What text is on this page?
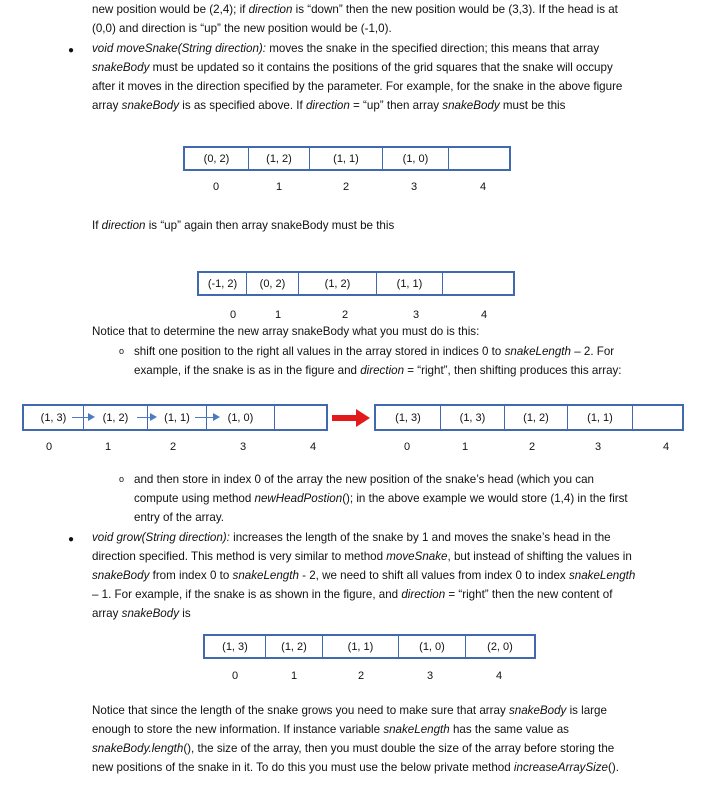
new position would be (2,4); if direction is “down” then the new position would be (3,3). If the head is at
(0,0) and direction is “up” the new position would be (-1,0).
● void moveSnake(String direction): moves the snake in the specified direction; this means that array
snakeBody must be updated so it contains the positions of the grid squares that the snake will occupy
after it moves in the direction specified by the parameter. For example, for the snake in the above figure
array snakeBody is as specified above. If direction = “up” then array snakeBody must be this
(0, 2)	(1, 2)	(1, 1)	(1, 0)
0	1	2	3	4
If direction is “up” again then array snakeBody must be this
(-1, 2)	(0, 2)	(1, 2)	(1, 1)
0	1	2	3	4
Notice that to determine the new array snakeBody what you must do is this:
o shift one position to the right all values in the array stored in indices 0 to snakeLength – 2. For
example, if the snake is as in the figure and direction = “right”, then shifting produces this array:
(1, 3)	(1, 2)	(1, 1)	(1, 0)
0	1	2	3	4
(1, 3)	(1, 3)	(1, 2)	(1, 1)
0	1	2	3	4
o and then store in index 0 of the array the new position of the snake’s head (which you can
compute using method newHeadPostion(); in the above example we would store (1,4) in the first
entry of the array.
● void grow(String direction): increases the length of the snake by 1 and moves the snake’s head in the
direction specified. This method is very similar to method moveSnake, but instead of shifting the values in
snakeBody from index 0 to snakeLength - 2, we need to shift all values from index 0 to index snakeLength
– 1. For example, if the snake is as shown in the figure, and direction = “right” then the new content of
array snakeBody is
(1, 3)	(1, 2)	(1, 1)	(1, 0)	(2, 0)
0	1	2	3	4
Notice that since the length of the snake grows you need to make sure that array snakeBody is large
enough to store the new information. If instance variable snakeLength has the same value as
snakeBody.length(), the size of the array, then you must double the size of the array before storing the
new positions of the snake in it. To do this you must use the below private method increaseArraySize().
